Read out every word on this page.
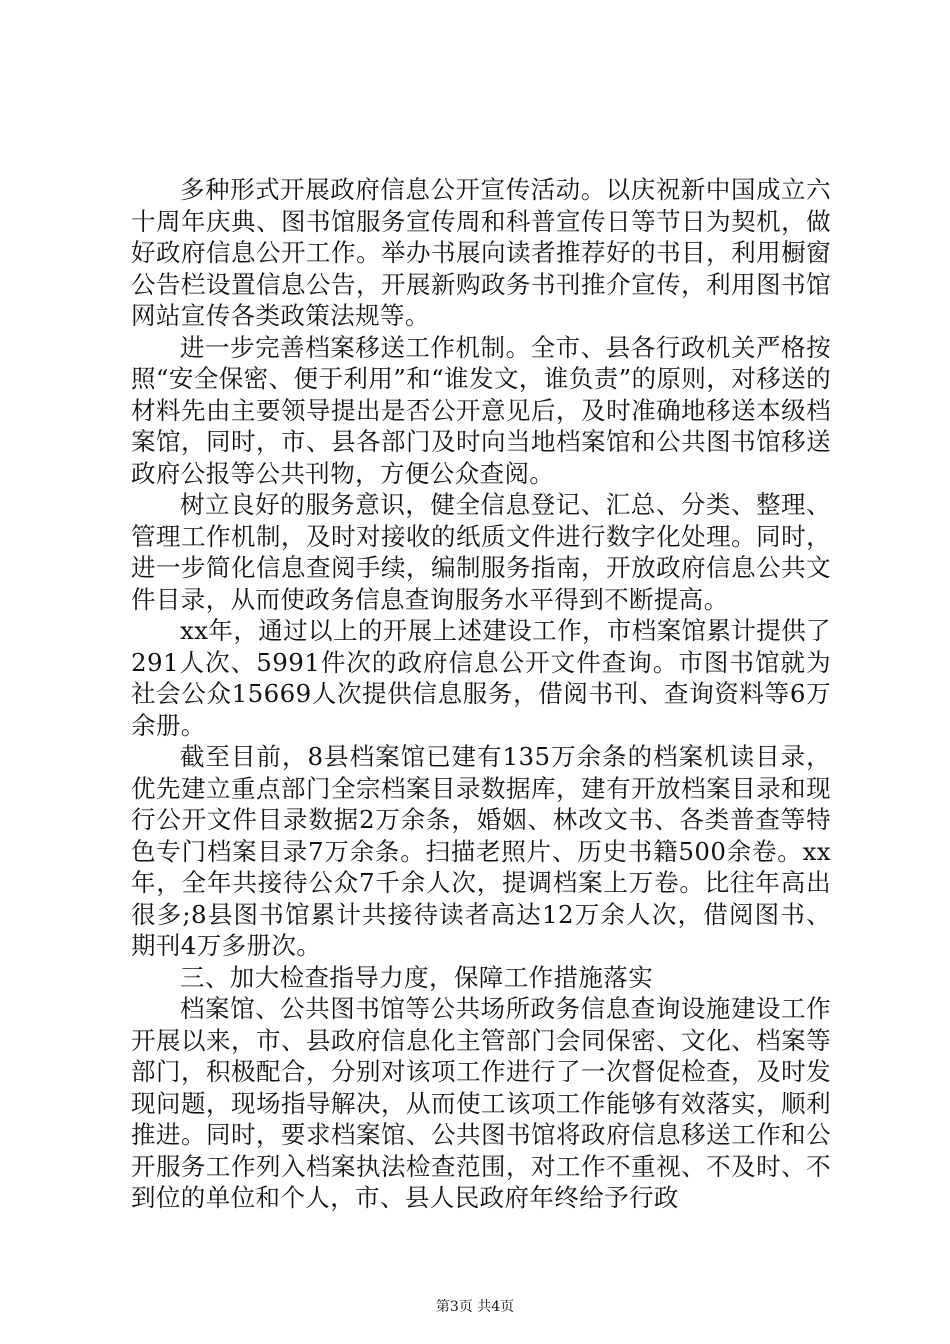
多种形式开展政府信息公开宣传活动。以庆祝新中国成立六十周年庆典、图书馆服务宣传周和科普宣传日等节日为契机，做好政府信息公开工作。举办书展向读者推荐好的书目，利用橱窗公告栏设置信息公告，开展新购政务书刊推介宣传，利用图书馆网站宣传各类政策法规等。

进一步完善档案移送工作机制。全市、县各行政机关严格按照“安全保密、便于利用”和“谁发文，谁负责”的原则，对移送的材料先由主要领导提出是否公开意见后，及时准确地移送本级档案馆，同时，市、县各部门及时向当地档案馆和公共图书馆移送政府公报等公共刊物，方便公众查阅。

树立良好的服务意识，健全信息登记、汇总、分类、整理、管理工作机制，及时对接收的纸质文件进行数字化处理。同时，进一步简化信息查阅手续，编制服务指南，开放政府信息公共文件目录，从而使政务信息查询服务水平得到不断提高。

xx年，通过以上的开展上述建设工作，市档案馆累计提供了291人次、5991件次的政府信息公开文件查询。市图书馆就为社会公众15669人次提供信息服务，借阅书刊、查询资料等6万余册。

截至目前，8县档案馆已建有135万余条的档案机读目录，优先建立重点部门全宗档案目录数据库，建有开放档案目录和现行公开文件目录数据2万余条，婚姻、林改文书、各类普查等特色专门档案目录7万余条。扫描老照片、历史书籍500余卷。xx年，全年共接待公众7千余人次，提调档案上万卷。比往年高出很多;8县图书馆累计共接待读者高达12万余人次，借阅图书、期刊4万多册次。

三、加大检查指导力度，保障工作措施落实

档案馆、公共图书馆等公共场所政务信息查询设施建设工作开展以来，市、县政府信息化主管部门会同保密、文化、档案等部门，积极配合，分别对该项工作进行了一次督促检查，及时发现问题，现场指导解决，从而使工该项工作能够有效落实，顺利推进。同时，要求档案馆、公共图书馆将政府信息移送工作和公开服务工作列入档案执法检查范围，对工作不重视、不及时、不到位的单位和个人，市、县人民政府年终给予行政

第3页 共4页
